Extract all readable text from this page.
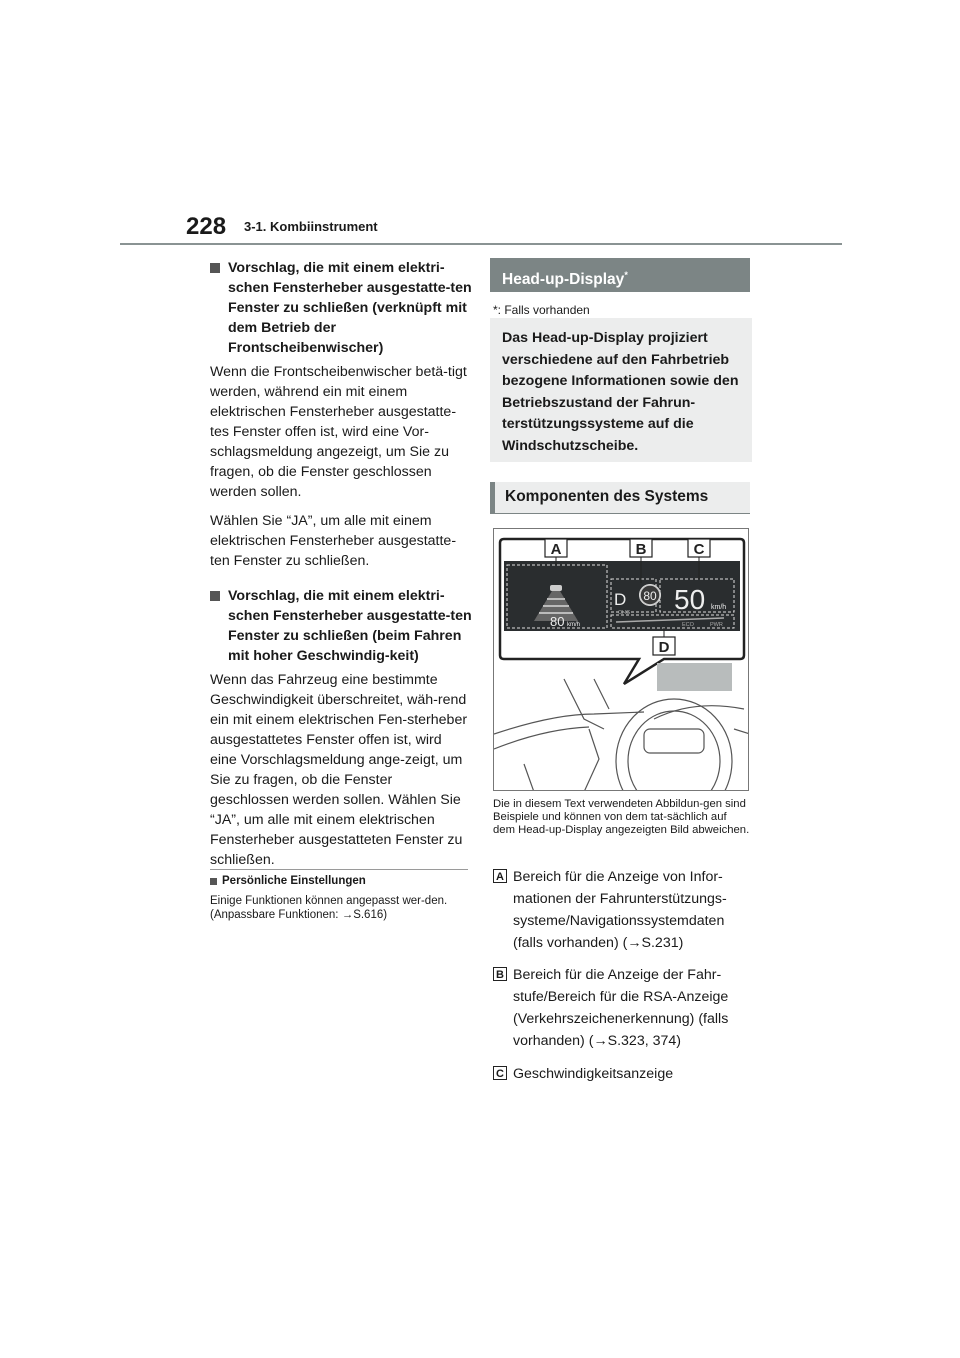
228 3-1. Kombiinstrument
Vorschlag, die mit einem elektri-schen Fensterheber ausgestatte-ten Fenster zu schließen (verknüpft mit dem Betrieb der Frontscheibenwischer)

Wenn die Frontscheibenwischer betä-tigt werden, während ein mit einem elektrischen Fensterheber ausgestatte-tes Fenster offen ist, wird eine Vor-schlagsmeldung angezeigt, um Sie zu fragen, ob die Fenster geschlossen werden sollen.

Wählen Sie “JA”, um alle mit einem elektrischen Fensterheber ausgestatte-ten Fenster zu schließen.

Vorschlag, die mit einem elektri-schen Fensterheber ausgestatte-ten Fenster zu schließen (beim Fahren mit hoher Geschwindig-keit)

Wenn das Fahrzeug eine bestimmte Geschwindigkeit überschreitet, wäh-rend ein mit einem elektrischen Fen-sterheber ausgestattetes Fenster offen ist, wird eine Vorschlagsmeldung ange-zeigt, um Sie zu fragen, ob die Fenster geschlossen werden sollen. Wählen Sie “JA”, um alle mit einem elektrischen Fensterheber ausgestatteten Fenster zu schließen.

Persönliche Einstellungen
Einige Funktionen können angepasst wer-den. (Anpassbare Funktionen: →S.616)
Head-up-Display*
*: Falls vorhanden
Das Head-up-Display projiziert verschiedene auf den Fahrbetrieb bezogene Informationen sowie den Betriebszustand der Fahrun-terstützungssysteme auf die Windschutzscheibe.
Komponenten des Systems
A	B	C
D
D 80 50 km/h
80 km/h
CHG
ECO	PWR
Die in diesem Text verwendeten Abbildun-gen sind Beispiele und können von dem tat-sächlich auf dem Head-up-Display angezeigten Bild abweichen.
A Bereich für die Anzeige von Infor-mationen der Fahrunterstützungs-systeme/Navigationssystemdaten (falls vorhanden) (→S.231)
B Bereich für die Anzeige der Fahr-stufe/Bereich für die RSA-Anzeige (Verkehrszeichenerkennung) (falls vorhanden) (→S.323, 374)
C Geschwindigkeitsanzeige
